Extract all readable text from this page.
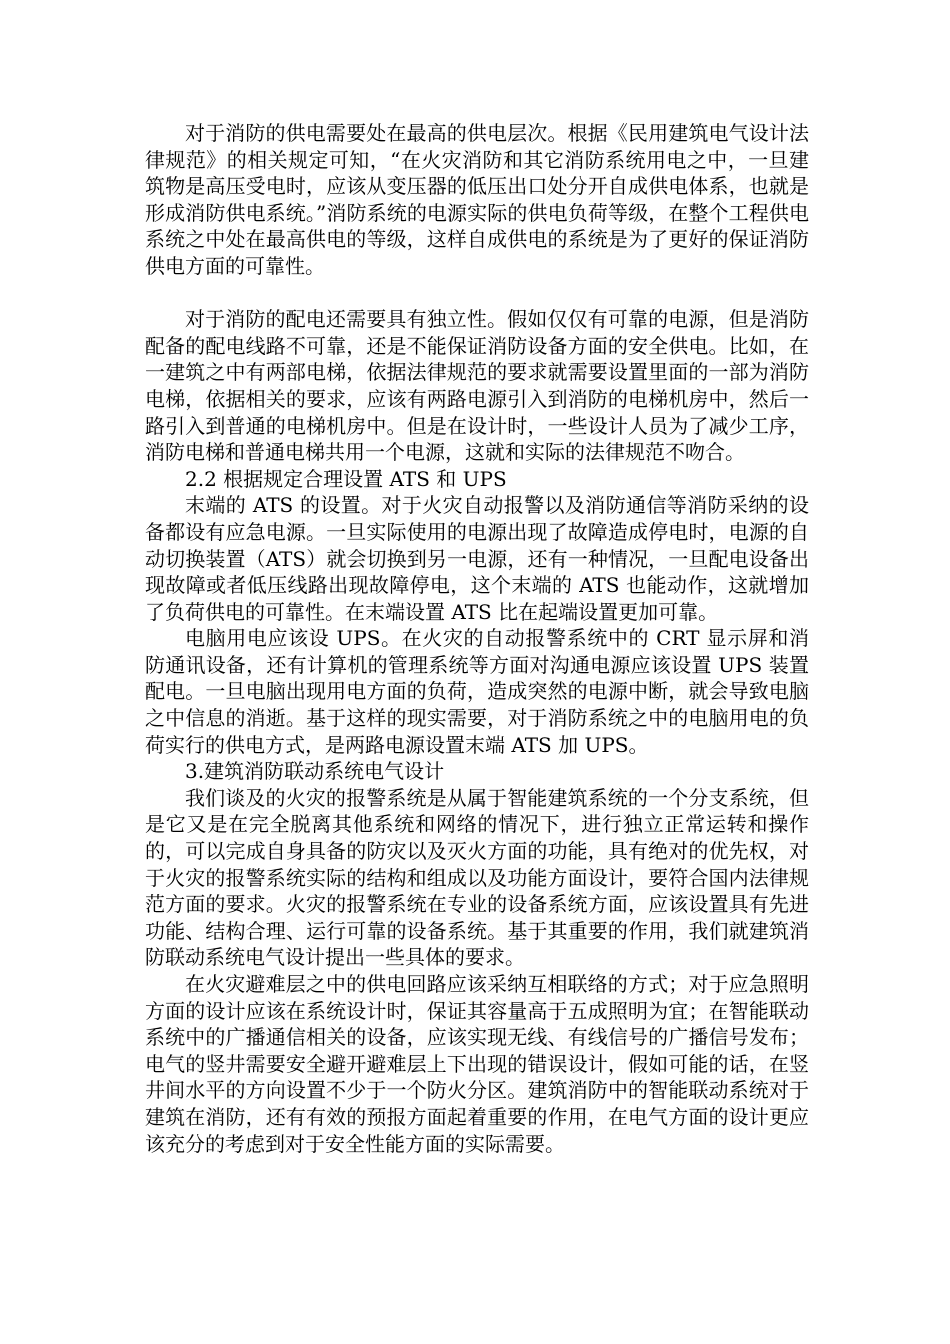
对于消防的供电需要处在最高的供电层次。根据《民用建筑电气设计法律规范》的相关规定可知，“在火灾消防和其它消防系统用电之中，一旦建筑物是高压受电时，应该从变压器的低压出口处分开自成供电体系，也就是形成消防供电系统。”消防系统的电源实际的供电负荷等级，在整个工程供电系统之中处在最高供电的等级，这样自成供电的系统是为了更好的保证消防供电方面的可靠性。

对于消防的配电还需要具有独立性。假如仅仅有可靠的电源，但是消防配备的配电线路不可靠，还是不能保证消防设备方面的安全供电。比如，在一建筑之中有两部电梯，依据法律规范的要求就需要设置里面的一部为消防电梯，依据相关的要求，应该有两路电源引入到消防的电梯机房中，然后一路引入到普通的电梯机房中。但是在设计时，一些设计人员为了减少工序，消防电梯和普通电梯共用一个电源，这就和实际的法律规范不吻合。

2.2 根据规定合理设置 ATS 和 UPS

末端的 ATS 的设置。对于火灾自动报警以及消防通信等消防采纳的设备都设有应急电源。一旦实际使用的电源出现了故障造成停电时，电源的自动切换装置（ATS）就会切换到另一电源，还有一种情况，一旦配电设备出现故障或者低压线路出现故障停电，这个末端的 ATS 也能动作，这就增加了负荷供电的可靠性。在末端设置 ATS 比在起端设置更加可靠。

电脑用电应该设 UPS。在火灾的自动报警系统中的 CRT 显示屏和消防通讯设备，还有计算机的管理系统等方面对沟通电源应该设置 UPS 装置配电。一旦电脑出现用电方面的负荷，造成突然的电源中断，就会导致电脑之中信息的消逝。基于这样的现实需要，对于消防系统之中的电脑用电的负荷实行的供电方式，是两路电源设置末端 ATS 加 UPS。

3.建筑消防联动系统电气设计

我们谈及的火灾的报警系统是从属于智能建筑系统的一个分支系统，但是它又是在完全脱离其他系统和网络的情况下，进行独立正常运转和操作的，可以完成自身具备的防灾以及灭火方面的功能，具有绝对的优先权，对于火灾的报警系统实际的结构和组成以及功能方面设计，要符合国内法律规范方面的要求。火灾的报警系统在专业的设备系统方面，应该设置具有先进功能、结构合理、运行可靠的设备系统。基于其重要的作用，我们就建筑消防联动系统电气设计提出一些具体的要求。

在火灾避难层之中的供电回路应该采纳互相联络的方式；对于应急照明方面的设计应该在系统设计时，保证其容量高于五成照明为宜；在智能联动系统中的广播通信相关的设备，应该实现无线、有线信号的广播信号发布；电气的竖井需要安全避开避难层上下出现的错误设计，假如可能的话，在竖井间水平的方向设置不少于一个防火分区。建筑消防中的智能联动系统对于建筑在消防，还有有效的预报方面起着重要的作用，在电气方面的设计更应该充分的考虑到对于安全性能方面的实际需要。
